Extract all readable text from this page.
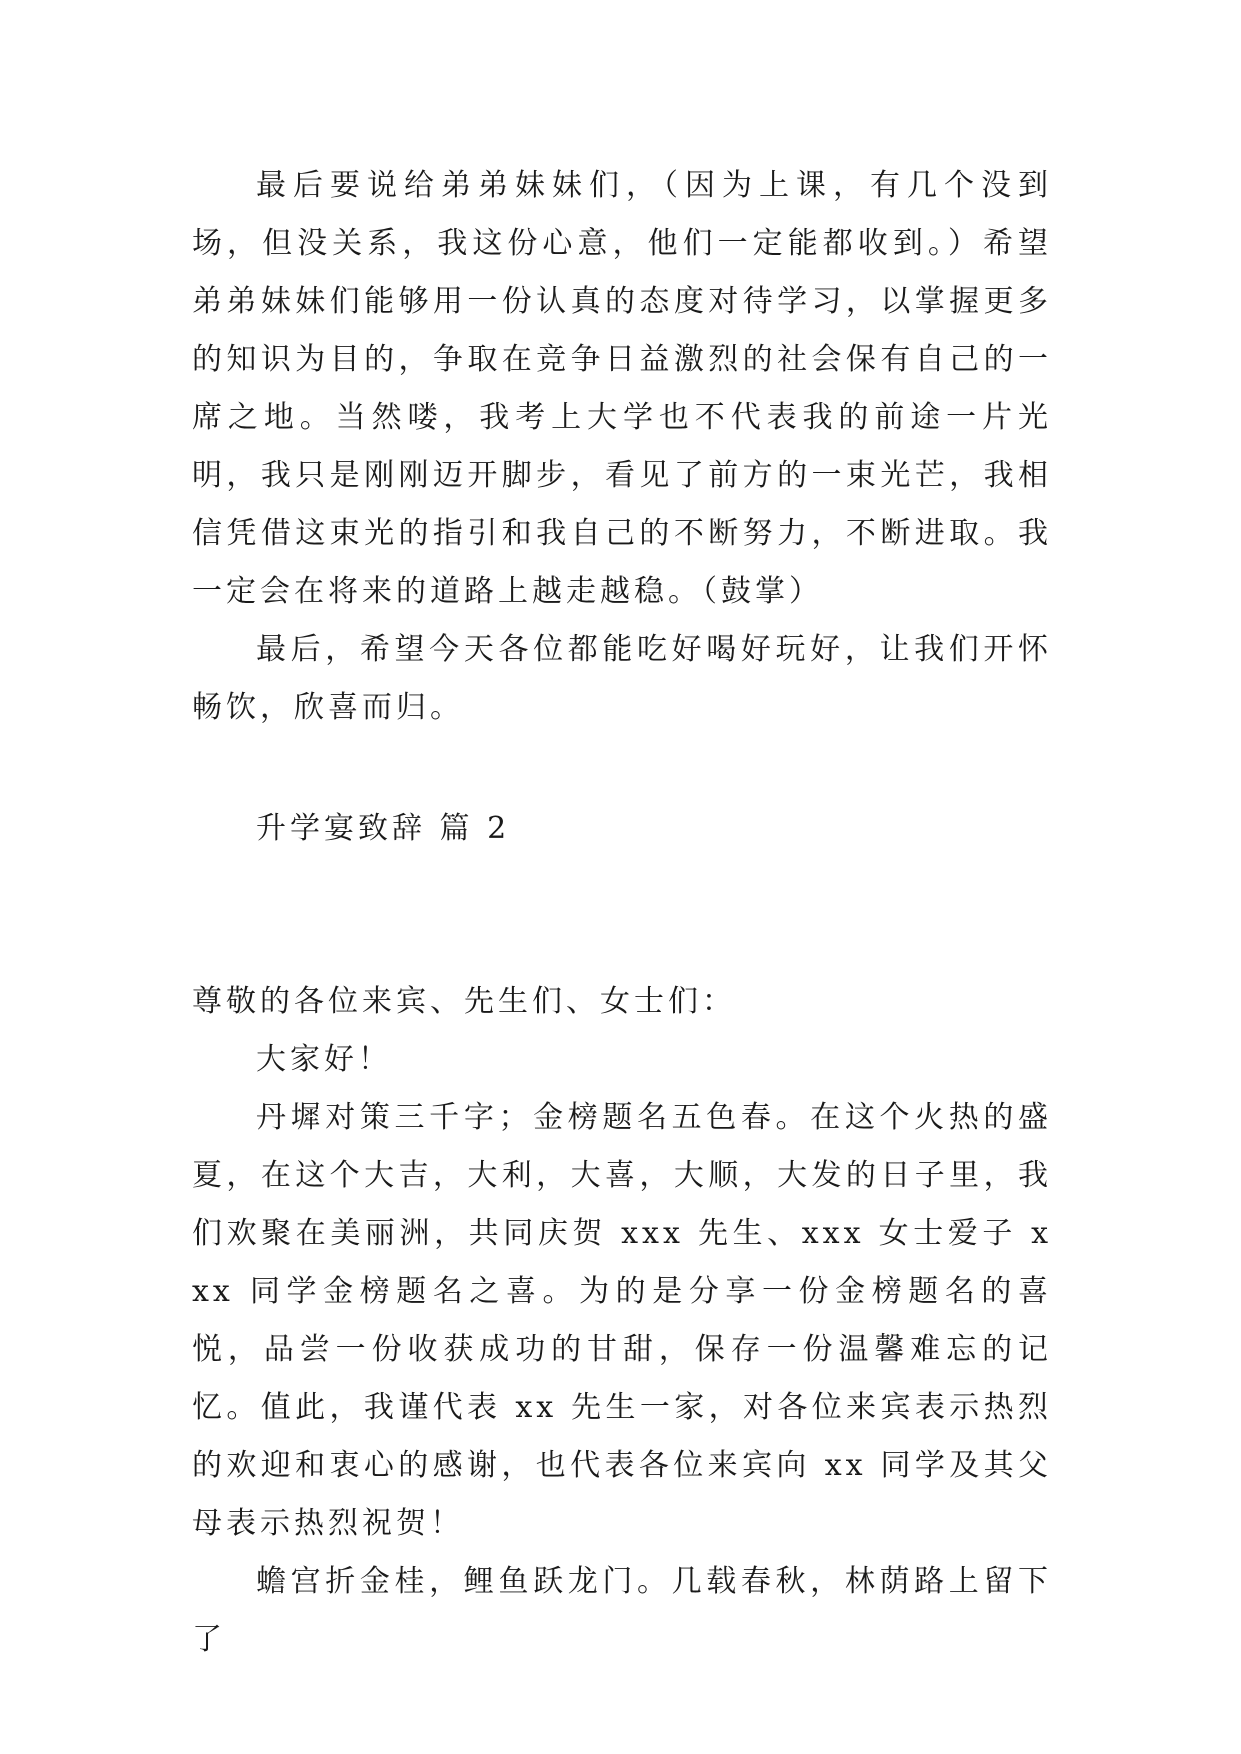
最后要说给弟弟妹妹们，（因为上课，有几个没到场，但没关系，我这份心意，他们一定能都收到。）希望弟弟妹妹们能够用一份认真的态度对待学习，以掌握更多的知识为目的，争取在竞争日益激烈的社会保有自己的一席之地。当然喽，我考上大学也不代表我的前途一片光明，我只是刚刚迈开脚步，看见了前方的一束光芒，我相信凭借这束光的指引和我自己的不断努力，不断进取。我一定会在将来的道路上越走越稳。（鼓掌）

最后，希望今天各位都能吃好喝好玩好，让我们开怀畅饮，欣喜而归。

升学宴致辞 篇 2

尊敬的各位来宾、先生们、女士们：

大家好！

丹墀对策三千字；金榜题名五色春。在这个火热的盛夏，在这个大吉，大利，大喜，大顺，大发的日子里，我们欢聚在美丽洲，共同庆贺 xxx 先生、xxx 女士爱子 xxx 同学金榜题名之喜。为的是分享一份金榜题名的喜悦，品尝一份收获成功的甘甜，保存一份温馨难忘的记忆。值此，我谨代表 xx 先生一家，对各位来宾表示热烈的欢迎和衷心的感谢，也代表各位来宾向 xx 同学及其父母表示热烈祝贺！

蟾宫折金桂，鲤鱼跃龙门。几载春秋，林荫路上留下了
